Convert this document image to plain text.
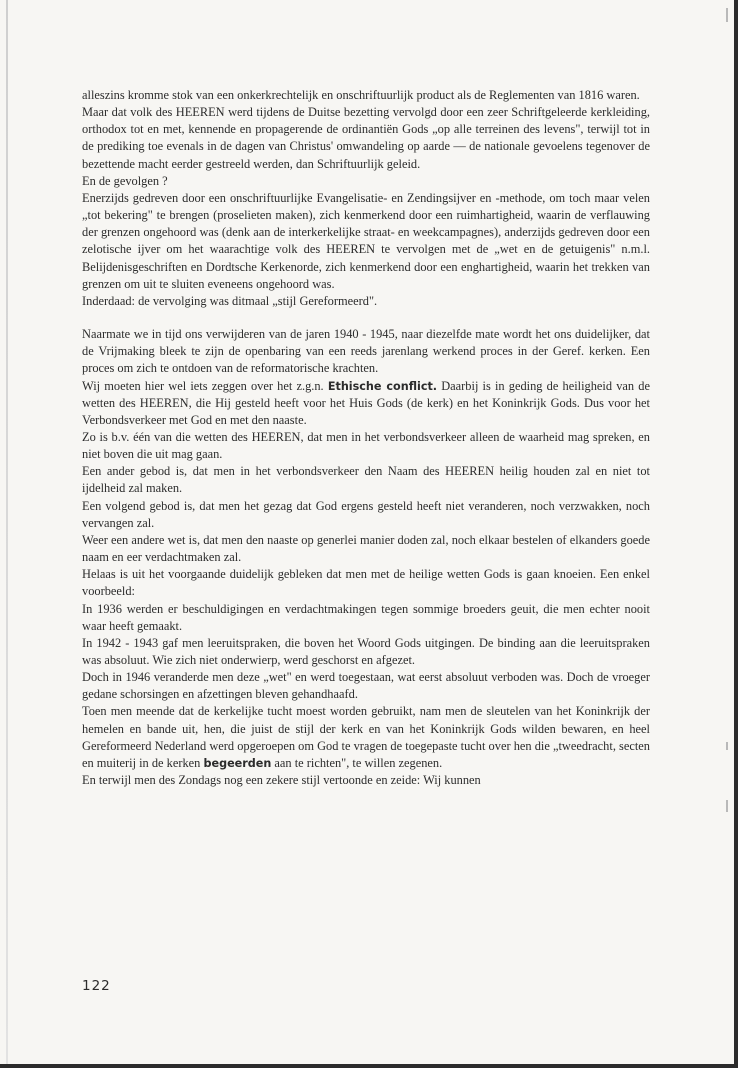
alleszins kromme stok van een onkerkrechtelijk en onschriftuurlijk product als de Reglementen van 1816 waren.

Maar dat volk des HEEREN werd tijdens de Duitse bezetting vervolgd door een zeer Schriftgeleerde kerkleiding, orthodox tot en met, kennende en propagerende de ordinantiën Gods „op alle terreinen des levens", terwijl tot in de prediking toe evenals in de dagen van Christus' omwandeling op aarde — de nationale gevoelens tegenover de bezettende macht eerder gestreeld werden, dan Schriftuurlijk geleid.

En de gevolgen ?

Enerzijds gedreven door een onschriftuurlijke Evangelisatie- en Zendingsijver en -methode, om toch maar velen „tot bekering" te brengen (proselieten maken), zich kenmerkend door een ruimhartigheid, waarin de verflauwing der grenzen ongehoord was (denk aan de interkerkelijke straat- en weekcampagnes), anderzijds gedreven door een zelotische ijver om het waarachtige volk des HEEREN te vervolgen met de „wet en de getuigenis" n.m.l. Belijdenisgeschriften en Dordtsche Kerkenorde, zich kenmerkend door een enghartigheid, waarin het trekken van grenzen om uit te sluiten eveneens ongehoord was.

Inderdaad: de vervolging was ditmaal „stijl Gereformeerd".

Naarmate we in tijd ons verwijderen van de jaren 1940 - 1945, naar diezelfde mate wordt het ons duidelijker, dat de Vrijmaking bleek te zijn de openbaring van een reeds jarenlang werkend proces in der Geref. kerken. Een proces om zich te ontdoen van de reformatorische krachten.

Wij moeten hier wel iets zeggen over het z.g.n. Ethische conflict. Daarbij is in geding de heiligheid van de wetten des HEEREN, die Hij gesteld heeft voor het Huis Gods (de kerk) en het Koninkrijk Gods. Dus voor het Verbondsverkeer met God en met den naaste.

Zo is b.v. één van die wetten des HEEREN, dat men in het verbondsverkeer alleen de waarheid mag spreken, en niet boven die uit mag gaan.

Een ander gebod is, dat men in het verbondsverkeer den Naam des HEEREN heilig houden zal en niet tot ijdelheid zal maken.

Een volgend gebod is, dat men het gezag dat God ergens gesteld heeft niet veranderen, noch verzwakken, noch vervangen zal.

Weer een andere wet is, dat men den naaste op generlei manier doden zal, noch elkaar bestelen of elkanders goede naam en eer verdachtmaken zal.

Helaas is uit het voorgaande duidelijk gebleken dat men met de heilige wetten Gods is gaan knoeien. Een enkel voorbeeld:

In 1936 werden er beschuldigingen en verdachtmakingen tegen sommige broeders geuit, die men echter nooit waar heeft gemaakt.

In 1942 - 1943 gaf men leeruitspraken, die boven het Woord Gods uitgingen. De binding aan die leeruitspraken was absoluut. Wie zich niet onderwierp, werd geschorst en afgezet.

Doch in 1946 veranderde men deze „wet" en werd toegestaan, wat eerst absoluut verboden was. Doch de vroeger gedane schorsingen en afzettingen bleven gehandhaafd.

Toen men meende dat de kerkelijke tucht moest worden gebruikt, nam men de sleutelen van het Koninkrijk der hemelen en bande uit, hen, die juist de stijl der kerk en van het Koninkrijk Gods wilden bewaren, en heel Gereformeerd Nederland werd opgeroepen om God te vragen de toegepaste tucht over hen die „tweedracht, secten en muiterij in de kerken begeerden aan te richten", te willen zegenen.

En terwijl men des Zondags nog een zekere stijl vertoonde en zeide: Wij kunnen

122
